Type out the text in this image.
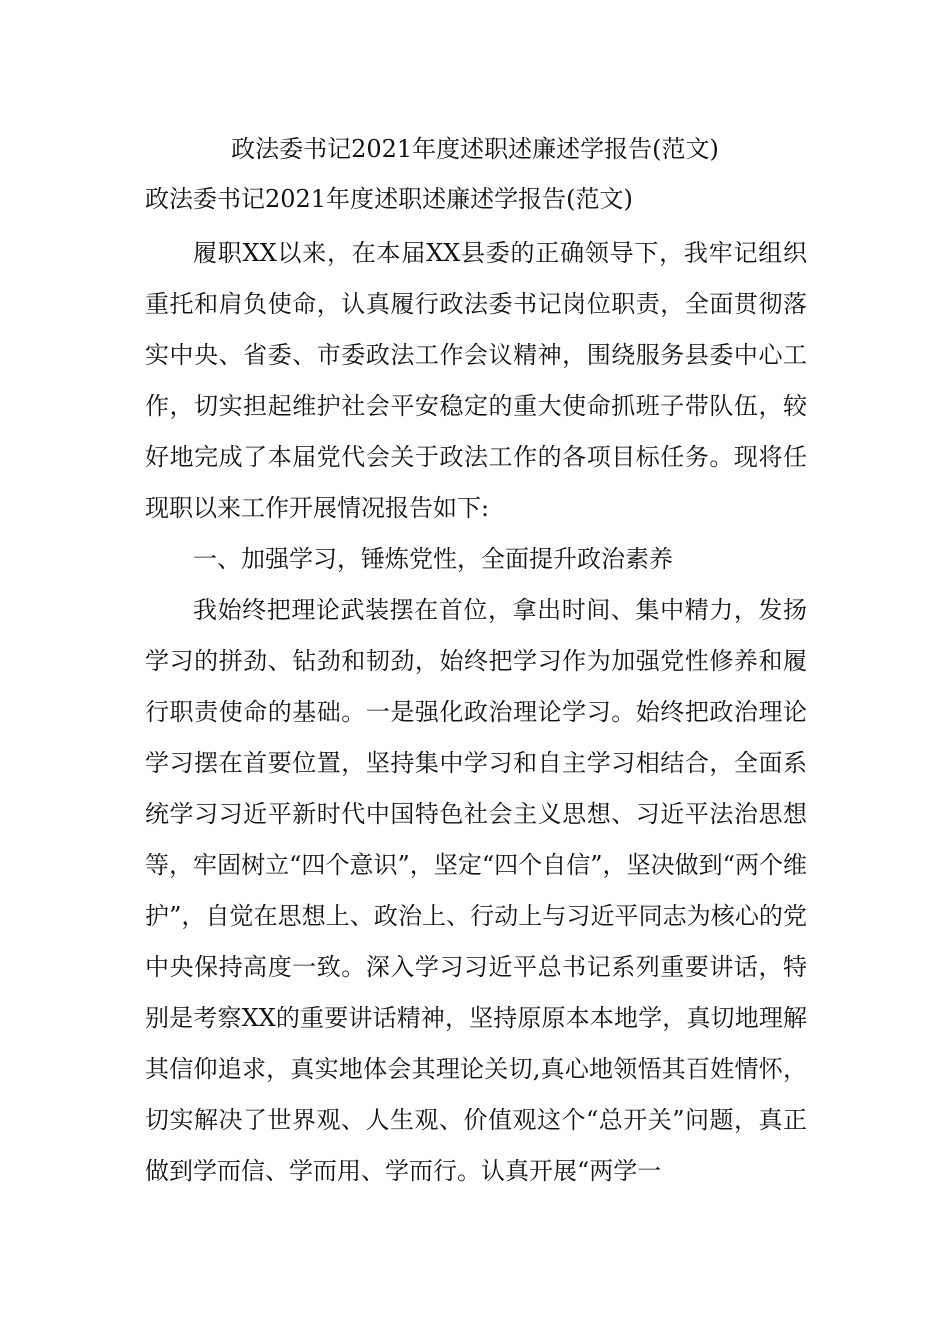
政法委书记2021年度述职述廉述学报告(范文)
政法委书记2021年度述职述廉述学报告(范文)

履职XX以来，在本届XX县委的正确领导下，我牢记组织重托和肩负使命，认真履行政法委书记岗位职责，全面贯彻落实中央、省委、市委政法工作会议精神，围绕服务县委中心工作，切实担起维护社会平安稳定的重大使命抓班子带队伍，较好地完成了本届党代会关于政法工作的各项目标任务。现将任现职以来工作开展情况报告如下:

一、加强学习，锤炼党性，全面提升政治素养

我始终把理论武装摆在首位，拿出时间、集中精力，发扬学习的拼劲、钻劲和韧劲，始终把学习作为加强党性修养和履行职责使命的基础。一是强化政治理论学习。始终把政治理论学习摆在首要位置，坚持集中学习和自主学习相结合，全面系统学习习近平新时代中国特色社会主义思想、习近平法治思想等，牢固树立“四个意识”，坚定“四个自信”，坚决做到“两个维护”，自觉在思想上、政治上、行动上与习近平同志为核心的党中央保持高度一致。深入学习习近平总书记系列重要讲话，特别是考察XX的重要讲话精神，坚持原原本本地学，真切地理解其信仰追求，真实地体会其理论关切,真心地领悟其百姓情怀，切实解决了世界观、人生观、价值观这个“总开关”问题，真正做到学而信、学而用、学而行。认真开展“两学一
